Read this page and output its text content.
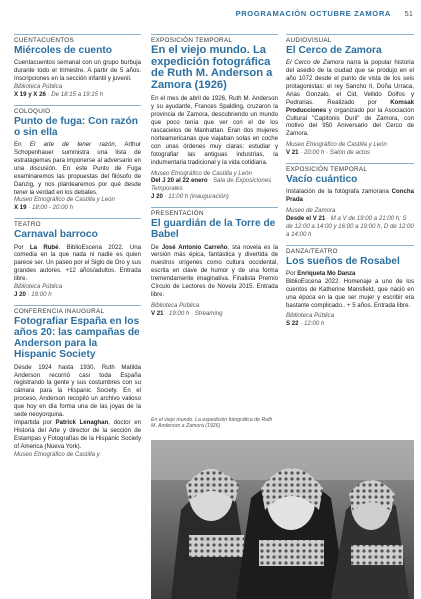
PROGRAMACIÓN OCTUBRE ZAMORA 51
CUENTACUENTOS
Miércoles de cuento
Cuentacuentos semanal con un grupo burbuja durante todo el trimestre. A partir de 5 años. Inscripciones en la sección infantil y juvenil.
Biblioteca Pública
X 19 y X 26 · De 18:15 a 19:15 h
COLOQUIO
Punto de fuga: Con razón o sin ella
En El arte de tener razón, Arthur Schopenhauer suministra una lista de estratagemas para imponerse al adversario en una discusión. En este Punto de Fuga examinaremos las propuestas del filósofo de Danzig, y nos plantearemos por qué desde tener la verdad en los debates.
Museo Etnográfico de Castilla y León
X 19 · 18:00 - 20:00 h
TEATRO
Carnaval barroco
Por La Rubé. BiblioEscena 2022. Una comedia en la que nada ni nadie es quien parece ser. Un paseo por el Siglo de Oro y sus grandes autores. +12 años/adultos. Entrada libre.
Biblioteca Pública
J 20 · 19:00 h
CONFERENCIA INAUGURAL
Fotografiar España en los años 20: las campañas de Anderson para la Hispanic Society
Desde 1924 hasta 1930, Ruth Matilda Anderson recorrió casi toda España registrando la gente y sus costumbres con su cámara para la Hispanic Society. En el proceso, Anderson recopiló un archivo valioso que hoy en día forma una de las joyas de la sede neoyorquina.
Impartida por Patrick Lenaghan, doctor en Historia del Arte y director de la sección de Estampas y Fotografías de la Hispanic Society of America (Nueva York).
Museo Etnográfico de Castilla y
EXPOSICIÓN TEMPORAL
En el viejo mundo. La expedición fotográfica de Ruth M. Anderson a Zamora (1926)
En el mes de abril de 1926, Ruth M. Anderson y su ayudante, Frances Spalding, cruzaron la provincia de Zamora, descubriendo un mundo que poco tenía que ver con el de los rascacielos de Manhattan. Eran dos mujeres norteamericanas que viajaban solas en coche con unas órdenes muy claras: estudiar y fotografiar las antiguas industrias, la indumentaria tradicional y la vida cotidiana.
Museo Etnográfico de Castilla y León
Del J 20 al 22 enero · Sala de Exposiciones Temporales
J 20 · 11:00 h (inauguración)
PRESENTACIÓN
El guardián de la Torre de Babel
De José Antonio Carreño, sta novela es la versión más épica, fantástica y divertida de nuestros orígenes como cultura occidental, escrita en clave de humor y de una forma tremendamente imaginativa. Finalista Premio Círculo de Lectores de Novela 2015. Entrada libre.
Biblioteca Pública
V 21 · 19:00 h · Streaming
En el viejo mundo. La expedición fotográfica de Ruth M. Anderson a Zamora (1926)
AUDIOVISUAL
El Cerco de Zamora
El Cerco de Zamora narra la popular historia del asedio de la ciudad que se produjo en el año 1072 desde el punto de vista de los seis protagonistas: el rey Sancho II, Doña Urraca, Arias Gonzalo, el Cid, Vellido Dolfos y Pedrarias. Realizado por Komsak Producciones y organizado por la Asociación Cultural "Capitonis Durii" de Zamora, con motivo del 950 Aniversario del Cerco de Zamora.
Museo Etnográfico de Castilla y León
V 21 · 20:00 h · Salón de actos
EXPOSICIÓN TEMPORAL
Vacío cuántico
Instalación de la fotógrafa zamorana Concha Prada
Museo de Zamora
Desde el V 21 · M a V de 19:00 a 21:00 h; S de 12:00 a 14:00 y 16:00 a 19:00 h, D de 12:00 a 14:00 h
DANZA/TEATRO
Los sueños de Rosabel
Por Enriqueta Mo Danza
BiblioEscena 2022. Homenaje a uno de los cuentos de Katherine Mansfield, que nació en una época en la que ser mujer y escribir era bastante complicado.. + 5 años. Entrada libre.
Biblioteca Pública
S 22 · 12:00 h
